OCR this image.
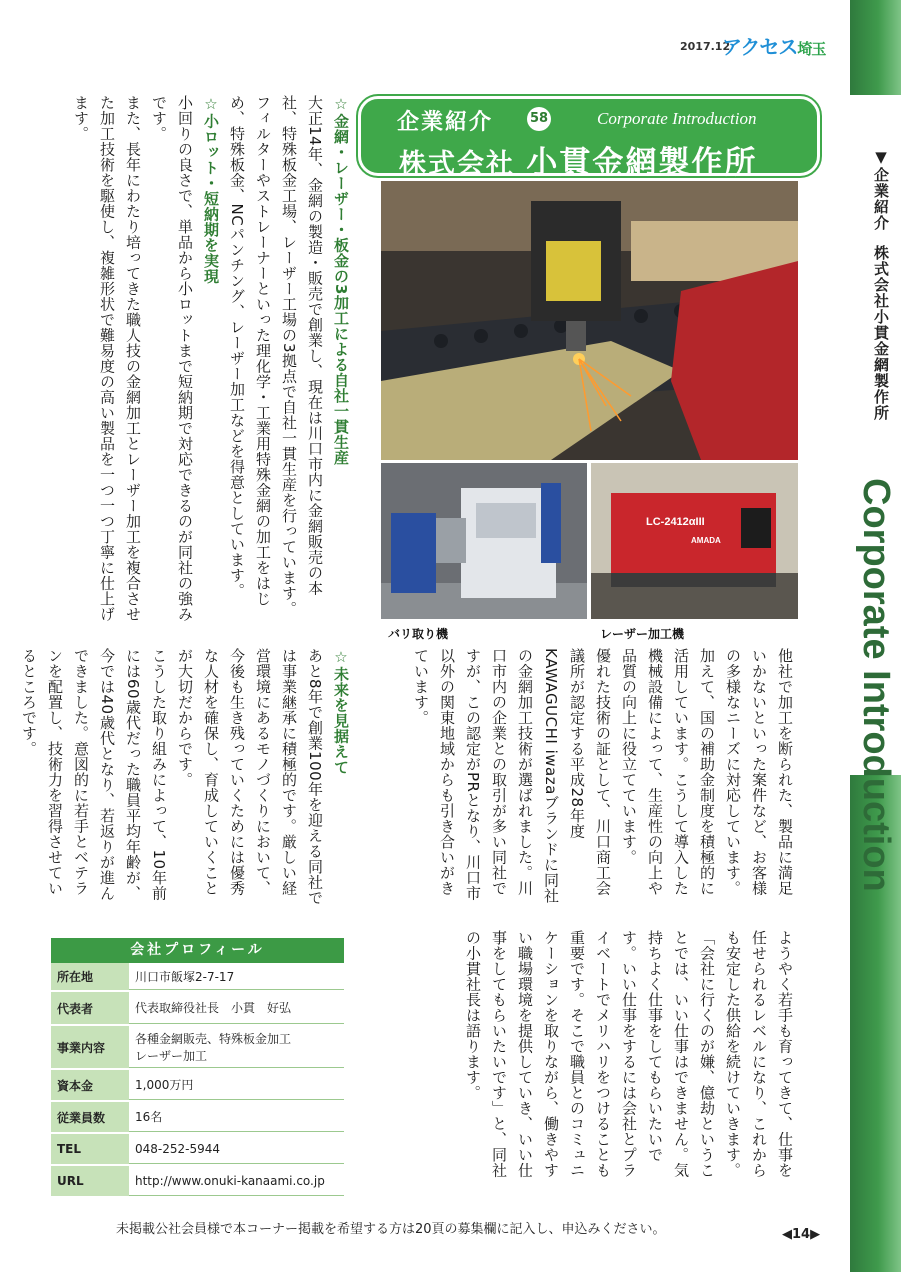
▼企業紹介株式会社小貫金網製作所
Corporate Introduction
2017.12
アクセス埼玉
企業紹介	58	Corporate Introduction
株式会社 小貫金網製作所
バリ取り機
LC-2412αIII
AMADA
レーザー加工機

☆金網・レーザー・板金の3加工による自社一貫生産

大正14年、金網の製造・販売で創業し、現在は川口市内に金網販売の本社、特殊板金工場、レーザー工場の3拠点で自社一貫生産を行っています。

フィルターやストレーナーといった理化学・工業用特殊金網の加工をはじめ、特殊板金、NCパンチング、レーザー加工などを得意としています。

☆小ロット・短納期を実現

小回りの良さで、単品から小ロットまで短納期で対応できるのが同社の強みです。

また、長年にわたり培ってきた職人技の金網加工とレーザー加工を複合させた加工技術を駆使し、複雑形状で難易度の高い製品を一つ一つ丁寧に仕上げます。

他社で加工を断られた、製品に満足いかないといった案件など、お客様の多様なニーズに対応しています。

加えて、国の補助金制度を積極的に活用しています。こうして導入した機械設備によって、生産性の向上や品質の向上に役立てています。

優れた技術の証として、川口商工会議所が認定する平成28年度KAWAGUCHI iwazaブランドに同社の金網加工技術が選ばれました。川口市内の企業との取引が多い同社ですが、この認定がPRとなり、川口市以外の関東地域からも引き合いがきています。

☆未来を見据えて

あと8年で創業100年を迎える同社では事業継承に積極的です。厳しい経営環境にあるモノづくりにおいて、今後も生き残っていくためには優秀な人材を確保し、育成していくことが大切だからです。

こうした取り組みによって、10年前には60歳代だった職員平均年齢が、今では40歳代となり、若返りが進んできました。意図的に若手とベテランを配置し、技術力を習得させているところです。

ようやく若手も育ってきて、仕事を任せられるレベルになり、これからも安定した供給を続けていきます。

「会社に行くのが嫌、億劫ということでは、いい仕事はできません。気持ちよく仕事をしてもらいたいです。いい仕事をするには会社とプライベートでメリハリをつけることも重要です。そこで職員とのコミュニケーションを取りながら、働きやすい職場環境を提供していき、いい仕事をしてもらいたいです」と、同社の小貫社長は語ります。

会社プロフィール
所在地	川口市飯塚2-7-17
代表者	代表取締役社長　小貫　好弘
事業内容
各種金網販売、特殊板金加工
レーザー加工
資本金	1,000万円
従業員数	16名
TEL	048-252-5944
URL	http://www.onuki-kanaami.co.jp
未掲載公社会員様で本コーナー掲載を希望する方は20頁の募集欄に記入し、申込みください。	◀14▶
